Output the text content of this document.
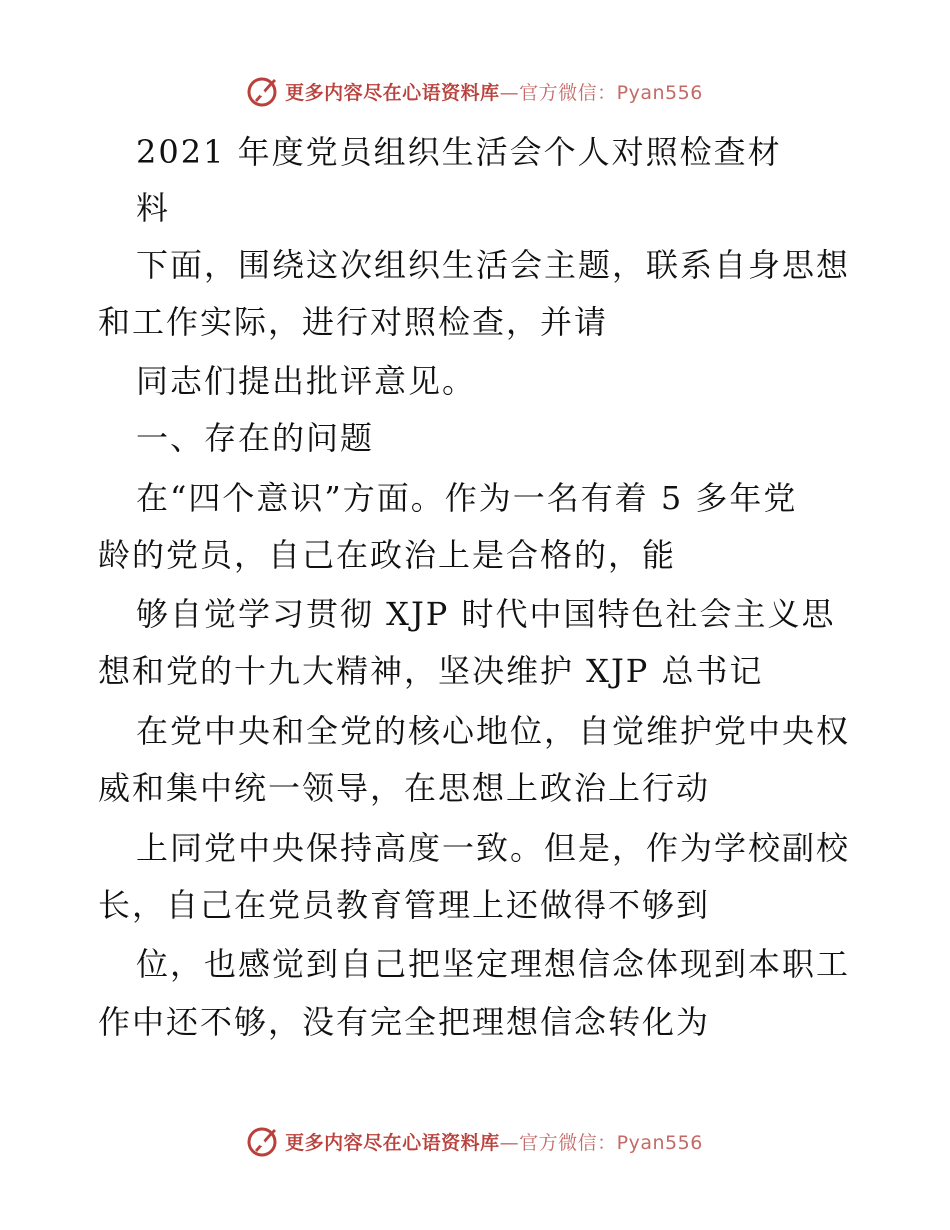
更多内容尽在心语资料库—官方微信：Pyan556
2021 年度党员组织生活会个人对照检查材
料
下面，围绕这次组织生活会主题，联系自身思想
和工作实际，进行对照检查，并请
同志们提出批评意见。
一、存在的问题
在“四个意识”方面。作为一名有着 5 多年党
龄的党员，自己在政治上是合格的，能
够自觉学习贯彻 XJP 时代中国特色社会主义思
想和党的十九大精神，坚决维护 XJP 总书记
在党中央和全党的核心地位，自觉维护党中央权
威和集中统一领导，在思想上政治上行动
上同党中央保持高度一致。但是，作为学校副校
长，自己在党员教育管理上还做得不够到
位，也感觉到自己把坚定理想信念体现到本职工
作中还不够，没有完全把理想信念转化为
更多内容尽在心语资料库—官方微信：Pyan556
